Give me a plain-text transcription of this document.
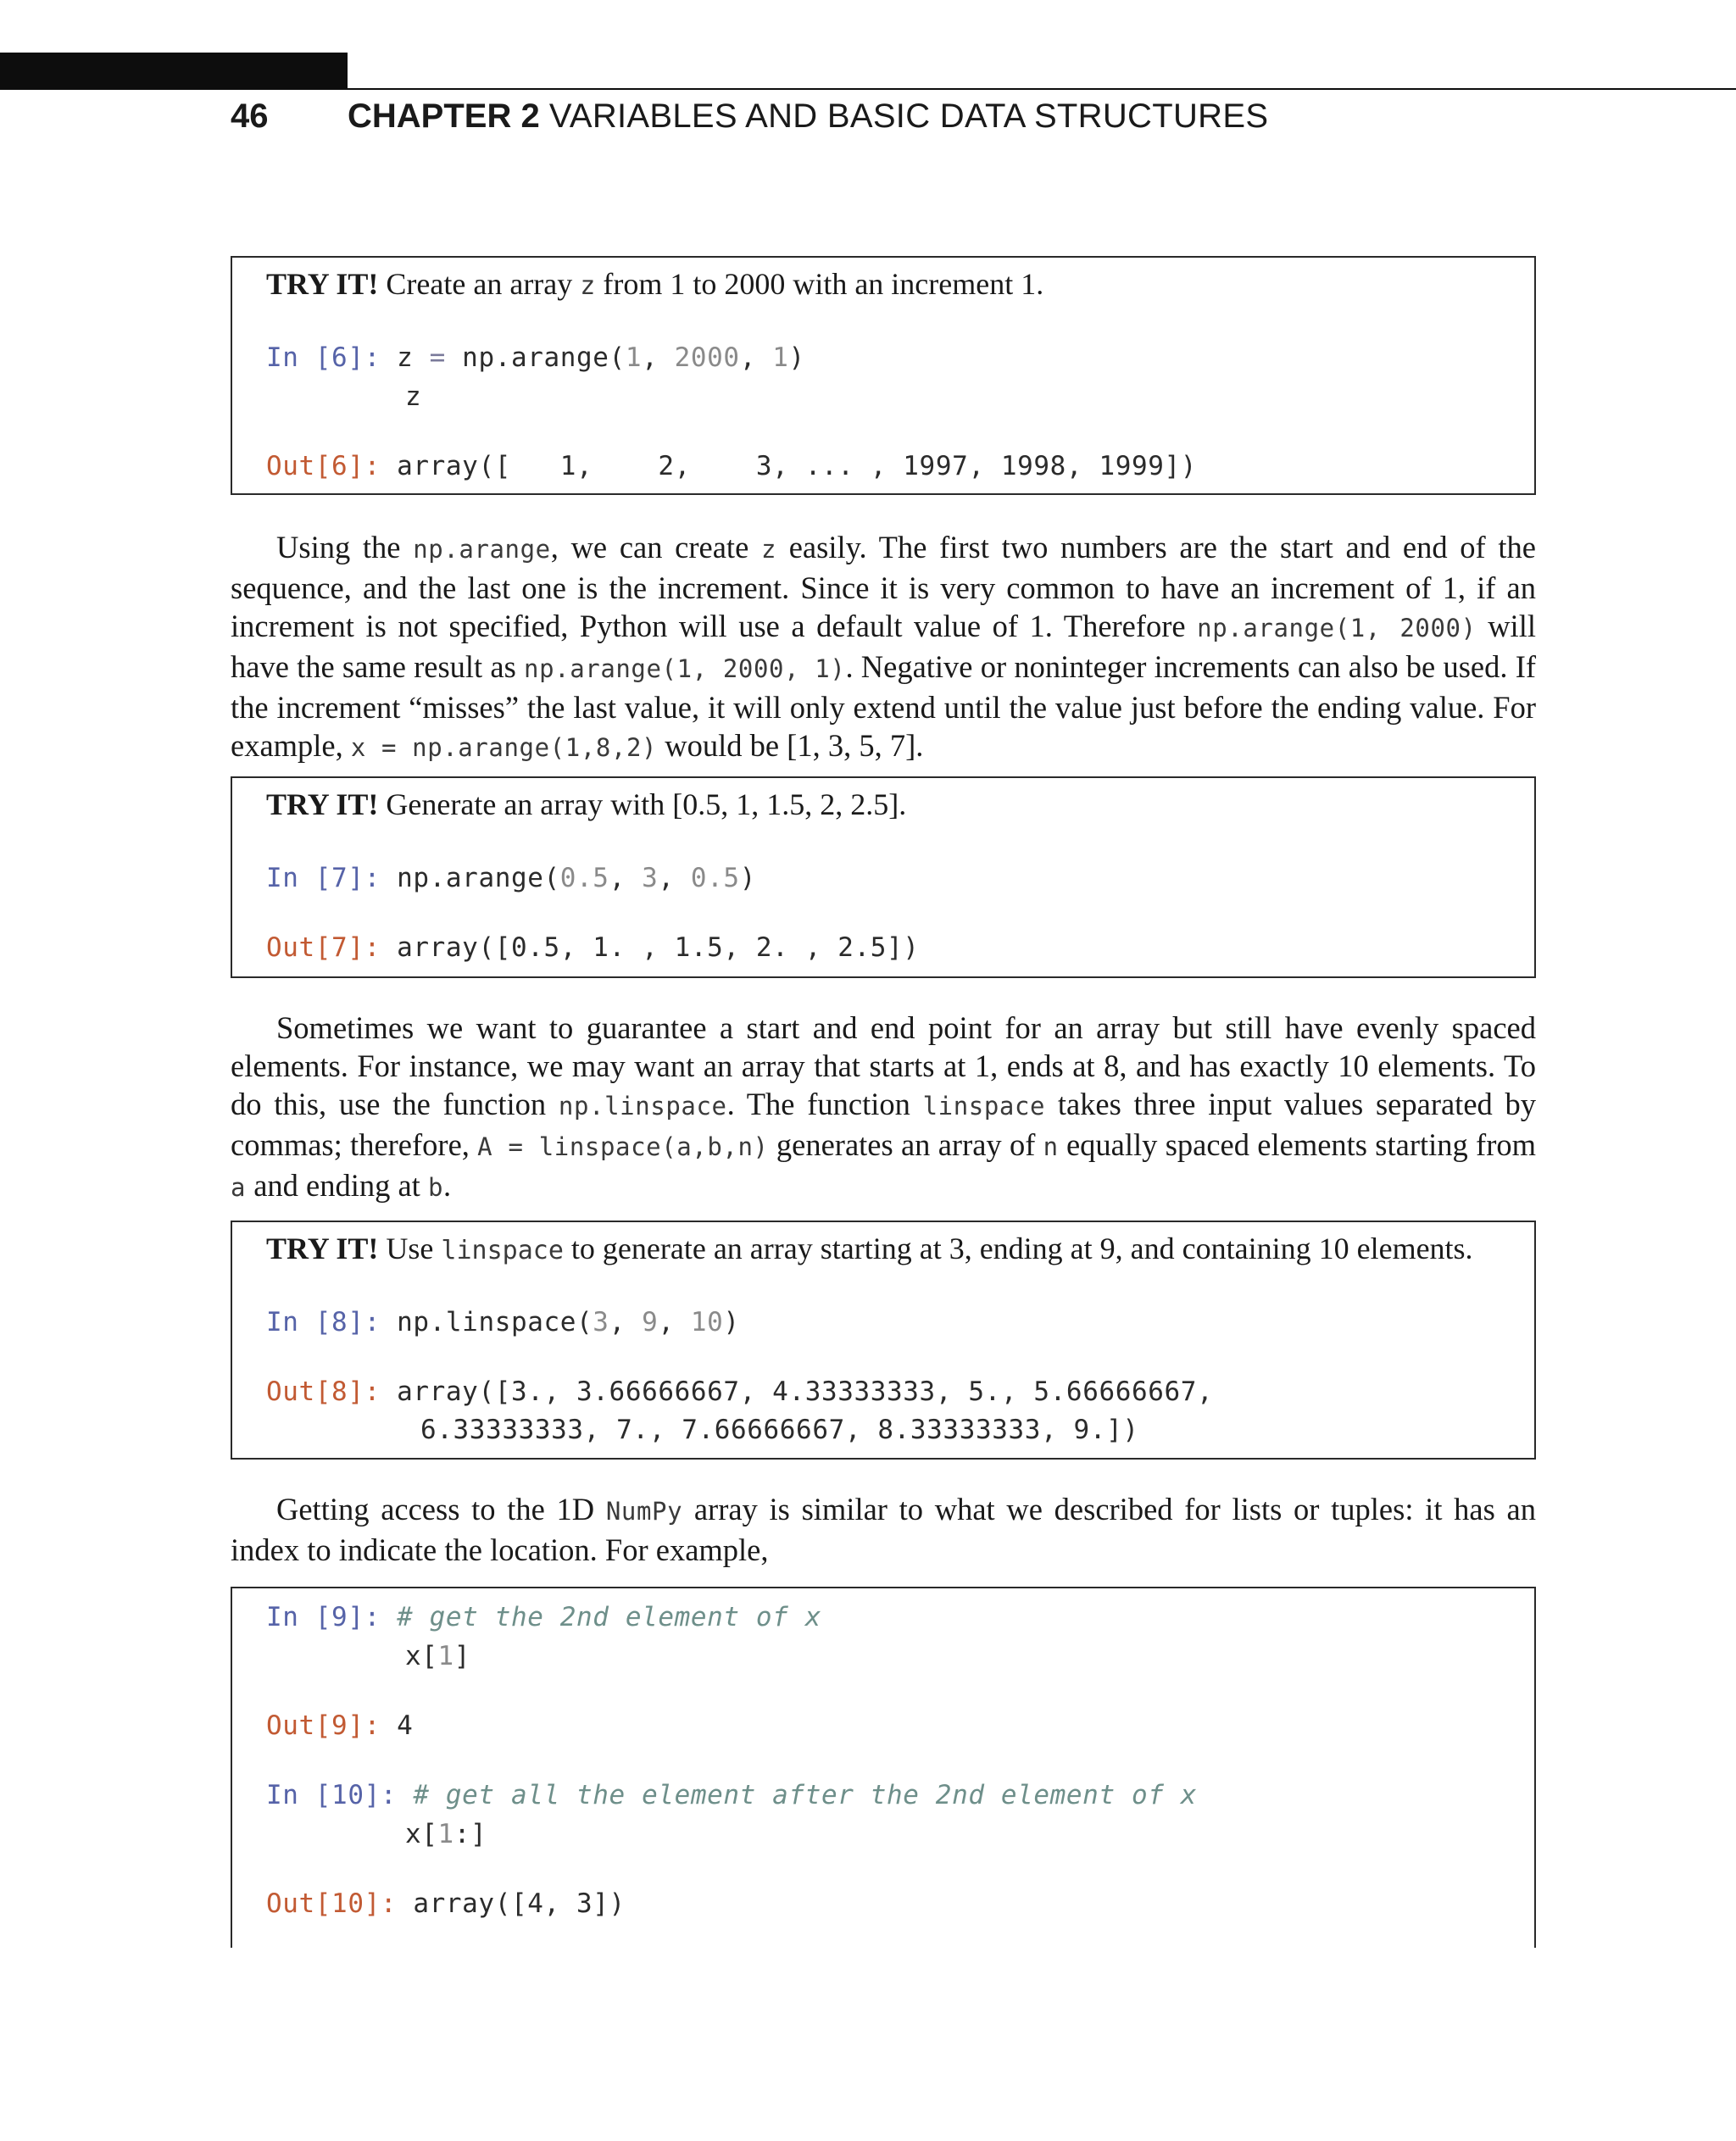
46 CHAPTER 2 VARIABLES AND BASIC DATA STRUCTURES
TRY IT! Create an array z from 1 to 2000 with an increment 1.
In [6]: z = np.arange(1, 2000, 1)
z
Out[6]: array([   1,    2,    3, ... , 1997, 1998, 1999])

Using the np.arange, we can create z easily. The first two numbers are the start and end of the sequence, and the last one is the increment. Since it is very common to have an increment of 1, if an increment is not specified, Python will use a default value of 1. Therefore np.arange(1, 2000) will have the same result as np.arange(1, 2000, 1). Negative or noninteger increments can also be used. If the increment “misses” the last value, it will only extend until the value just before the ending value. For example, x = np.arange(1,8,2) would be [1, 3, 5, 7].

TRY IT! Generate an array with [0.5, 1, 1.5, 2, 2.5].
In [7]: np.arange(0.5, 3, 0.5)
Out[7]: array([0.5, 1. , 1.5, 2. , 2.5])

Sometimes we want to guarantee a start and end point for an array but still have evenly spaced elements. For instance, we may want an array that starts at 1, ends at 8, and has exactly 10 elements. To do this, use the function np.linspace. The function linspace takes three input values separated by commas; therefore, A = linspace(a,b,n) generates an array of n equally spaced elements starting from a and ending at b.

TRY IT! Use linspace to generate an array starting at 3, ending at 9, and containing 10 elements.
In [8]: np.linspace(3, 9, 10)
Out[8]: array([3., 3.66666667, 4.33333333, 5., 5.66666667,
6.33333333, 7., 7.66666667, 8.33333333, 9.])

Getting access to the 1D NumPy array is similar to what we described for lists or tuples: it has an index to indicate the location. For example,

In [9]: # get the 2nd element of x
x[1]
Out[9]: 4
In [10]: # get all the element after the 2nd element of x
x[1:]
Out[10]: array([4, 3])
